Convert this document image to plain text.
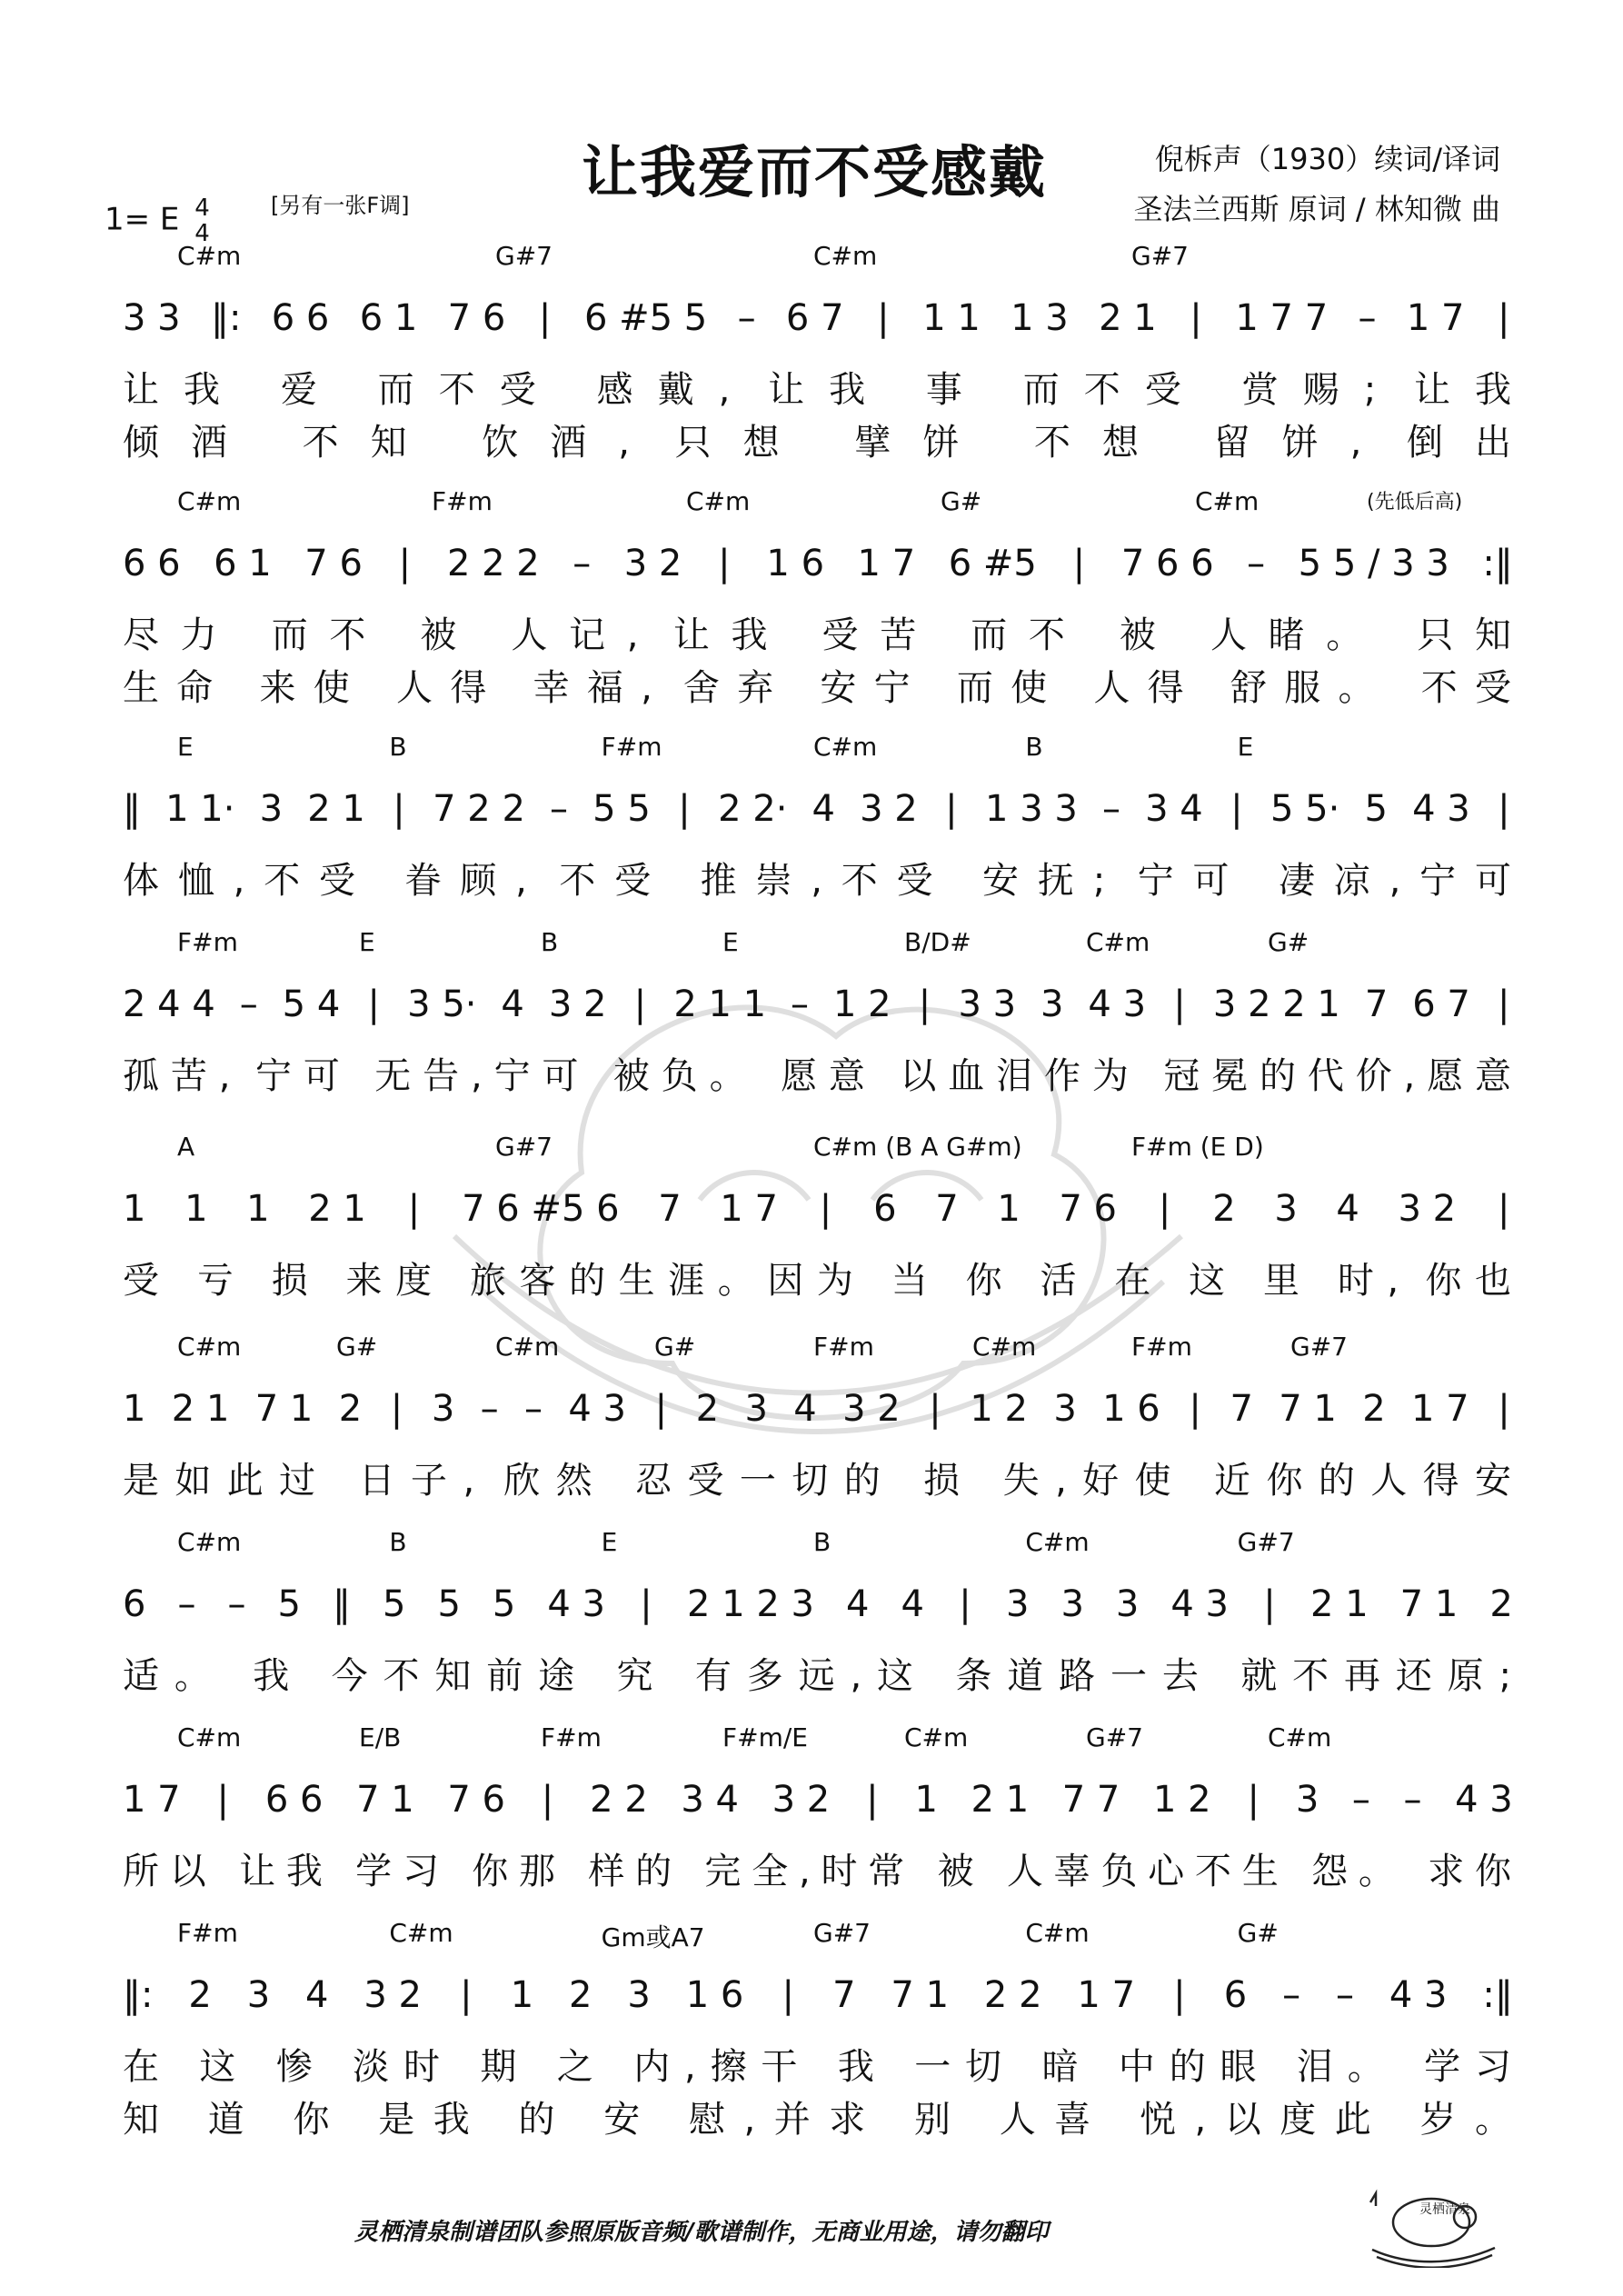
让我爱而不受感戴	倪柝声（1930）续词/译词
圣法兰西斯 原词 / 林知微 曲
1= E 4
4
[另有一张F调]
(先低后高)
C#m	G#7	C#m	G#7
3 3 ‖: 6 6 6 1 7 6 | 6 #5 5 – 6 7 | 1 1 1 3 2 1 | 1 7 7 – 1 7 |
让我 爱 而不受 感戴, 让我 事 而不受 赏赐; 让我
倾酒 不知 饮酒, 只想 擘饼 不想 留饼, 倒出
C#m	F#m	C#m	G#	C#m
6 6 6 1 7 6 | 2 2 2 – 3 2 | 1 6 1 7 6 #5 | 7 6 6 – 5 5 / 3 3 :‖
尽力 而不 被 人记, 让我 受苦 而不 被 人睹。 只知
生命 来使 人得 幸福, 舍弃 安宁 而使 人得 舒服。 不受
E	B	F#m	C#m	B	E
‖ 1 1· 3 2 1 | 7 2 2 – 5 5 | 2 2· 4 3 2 | 1 3 3 – 3 4 | 5 5· 5 4 3 |
体恤,不受 眷顾, 不受 推崇,不受 安抚; 宁可 凄凉,宁可
F#m	E	B	E	B/D#	C#m	G#
2 4 4 – 5 4 | 3 5· 4 3 2 | 2 1 1 – 1 2 | 3 3 3 4 3 | 3 2 2 1 7 6 7 |
孤苦, 宁可 无告,宁可 被负。 愿意 以血泪作为 冠冕的代价,愿意
A	G#7	C#m (B A G#m)	F#m (E D)
1 1 1 2 1 | 7 6 #5 6 7 1 7 | 6 7 1 7 6 | 2 3 4 3 2 |
受 亏 损 来度 旅客的生涯。因为 当 你 活 在 这 里 时, 你也
C#m	G#	C#m	G#	F#m	C#m	F#m	G#7
1 2 1 7 1 2 | 3 – – 4 3 | 2 3 4 3 2 | 1 2 3 1 6 | 7 7 1 2 1 7 |
是如此过 日子, 欣然 忍受一切的 损 失,好使 近你的人得安
C#m	B	E	B	C#m	G#7
6 – – 5 ‖ 5 5 5 4 3 | 2 1 2 3 4 4 | 3 3 3 4 3 | 2 1 7 1 2
适。 我 今不知前途 究 有多远,这 条道路一去 就不再还原;
C#m	E/B	F#m	F#m/E	C#m	G#7	C#m
1 7 | 6 6 7 1 7 6 | 2 2 3 4 3 2 | 1 2 1 7 7 1 2 | 3 – – 4 3
所以 让我 学习 你那 样的 完全,时常 被 人辜负心不生 怨。 求你
F#m	C#m	Gm或A7	G#7	C#m	G#
‖: 2 3 4 3 2 | 1 2 3 1 6 | 7 7 1 2 2 1 7 | 6 – – 4 3 :‖
在 这 惨 淡时 期 之 内,擦干 我 一切 暗 中的眼 泪。 学习
知 道 你 是我 的 安 慰,并求 别 人喜 悦,以度此 岁。
灵栖清泉制谱团队参照原版音频/歌谱制作，无商业用途，请勿翻印
灵栖清泉
